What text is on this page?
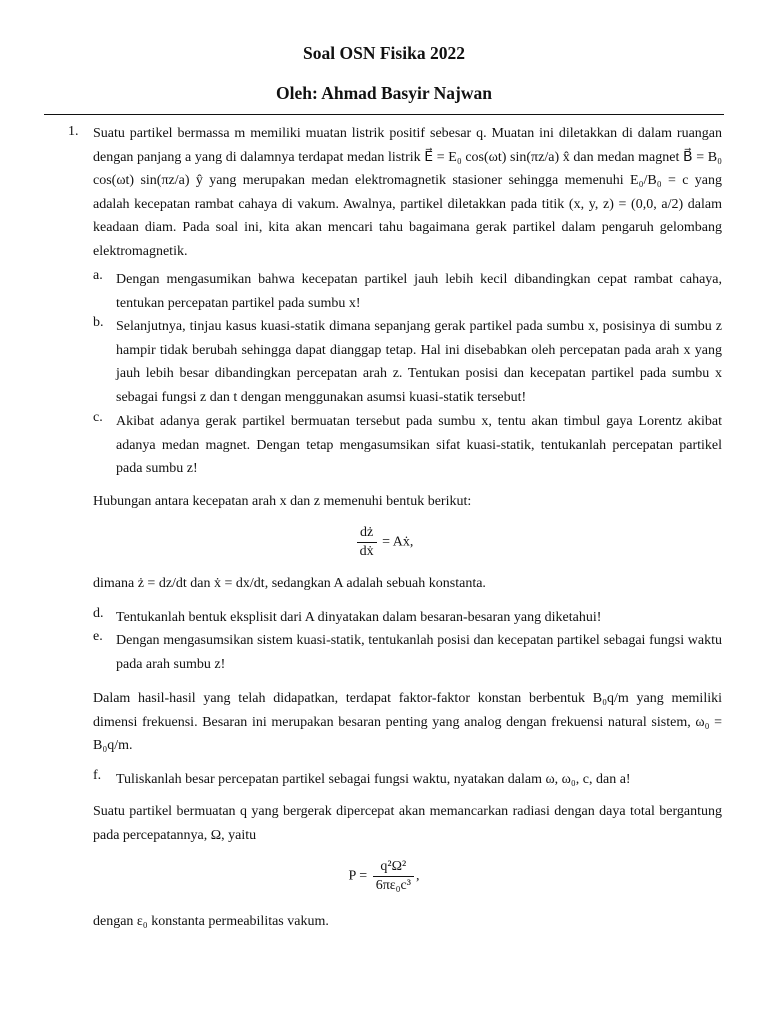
Soal OSN Fisika 2022
Oleh: Ahmad Basyir Najwan
1. Suatu partikel bermassa m memiliki muatan listrik positif sebesar q. Muatan ini diletakkan di dalam ruangan dengan panjang a yang di dalamnya terdapat medan listrik E⃗ = E₀ cos(ωt) sin(πz/a) x̂ dan medan magnet B⃗ = B₀ cos(ωt) sin(πz/a) ŷ yang merupakan medan elektromagnetik stasioner sehingga memenuhi E₀/B₀ = c yang adalah kecepatan rambat cahaya di vakum. Awalnya, partikel diletakkan pada titik (x, y, z) = (0,0, a/2) dalam keadaan diam. Pada soal ini, kita akan mencari tahu bagaimana gerak partikel dalam pengaruh gelombang elektromagnetik.
a. Dengan mengasumikan bahwa kecepatan partikel jauh lebih kecil dibandingkan cepat rambat cahaya, tentukan percepatan partikel pada sumbu x!
b. Selanjutnya, tinjau kasus kuasi-statik dimana sepanjang gerak partikel pada sumbu x, posisinya di sumbu z hampir tidak berubah sehingga dapat dianggap tetap. Hal ini disebabkan oleh percepatan pada arah x yang jauh lebih besar dibandingkan percepatan arah z. Tentukan posisi dan kecepatan partikel pada sumbu x sebagai fungsi z dan t dengan menggunakan asumsi kuasi-statik tersebut!
c. Akibat adanya gerak partikel bermuatan tersebut pada sumbu x, tentu akan timbul gaya Lorentz akibat adanya medan magnet. Dengan tetap mengasumsikan sifat kuasi-statik, tentukanlah percepatan partikel pada sumbu z!
Hubungan antara kecepatan arah x dan z memenuhi bentuk berikut:
$\frac{dż}{\text{dẋ}}$ = Aẋ,
dimana ż = dz/dt dan ẋ = dx/dt, sedangkan A adalah sebuah konstanta.
d. Tentukanlah bentuk eksplisit dari A dinyatakan dalam besaran-besaran yang diketahui!
e. Dengan mengasumsikan sistem kuasi-statik, tentukanlah posisi dan kecepatan partikel sebagai fungsi waktu pada arah sumbu z!
Dalam hasil-hasil yang telah didapatkan, terdapat faktor-faktor konstan berbentuk B₀q/m yang memiliki dimensi frekuensi. Besaran ini merupakan besaran penting yang analog dengan frekuensi natural sistem, ω₀ = B₀q/m.
f. Tuliskanlah besar percepatan partikel sebagai fungsi waktu, nyatakan dalam ω, ω₀, c, dan a!
Suatu partikel bermuatan q yang bergerak dipercepat akan memancarkan radiasi dengan daya total bergantung pada percepatannya, Ω, yaitu
$P = \frac{\text{q²Ω²}}{\text{6πε₀c³}}$ ,
dengan ε₀ konstanta permeabilitas vakum.
